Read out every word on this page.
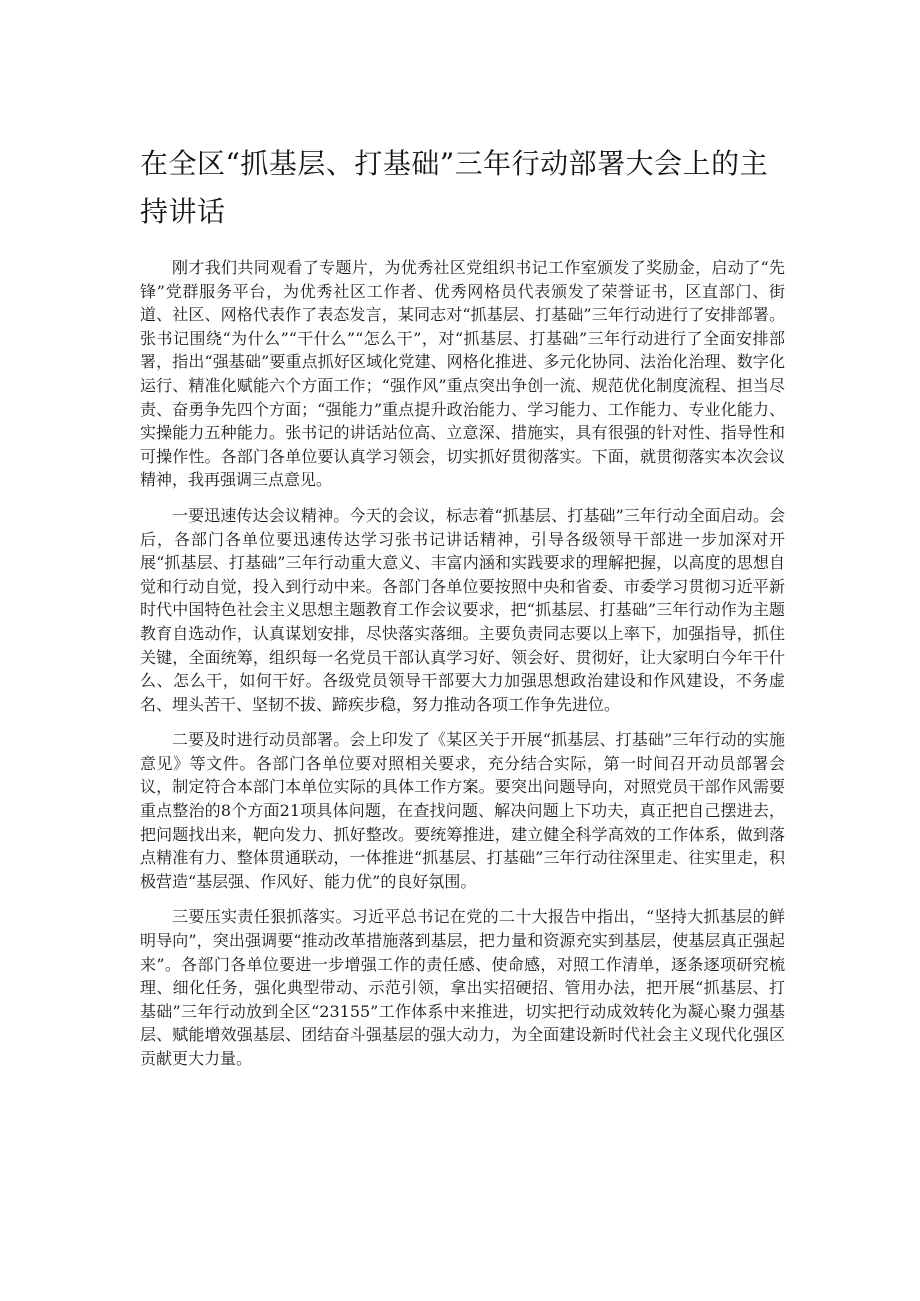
在全区“抓基层、打基础”三年行动部署大会上的主持讲话

刚才我们共同观看了专题片，为优秀社区党组织书记工作室颁发了奖励金，启动了“先锋”党群服务平台，为优秀社区工作者、优秀网格员代表颁发了荣誉证书，区直部门、街道、社区、网格代表作了表态发言，某同志对“抓基层、打基础”三年行动进行了安排部署。张书记围绕“为什么”“干什么”“怎么干”，对“抓基层、打基础”三年行动进行了全面安排部署，指出“强基础”要重点抓好区域化党建、网格化推进、多元化协同、法治化治理、数字化运行、精准化赋能六个方面工作；“强作风”重点突出争创一流、规范优化制度流程、担当尽责、奋勇争先四个方面；“强能力”重点提升政治能力、学习能力、工作能力、专业化能力、实操能力五种能力。张书记的讲话站位高、立意深、措施实，具有很强的针对性、指导性和可操作性。各部门各单位要认真学习领会，切实抓好贯彻落实。下面，就贯彻落实本次会议精神，我再强调三点意见。

一要迅速传达会议精神。今天的会议，标志着“抓基层、打基础”三年行动全面启动。会后，各部门各单位要迅速传达学习张书记讲话精神，引导各级领导干部进一步加深对开展“抓基层、打基础”三年行动重大意义、丰富内涵和实践要求的理解把握，以高度的思想自觉和行动自觉，投入到行动中来。各部门各单位要按照中央和省委、市委学习贯彻习近平新时代中国特色社会主义思想主题教育工作会议要求，把“抓基层、打基础”三年行动作为主题教育自选动作，认真谋划安排，尽快落实落细。主要负责同志要以上率下，加强指导，抓住关键，全面统筹，组织每一名党员干部认真学习好、领会好、贯彻好，让大家明白今年干什么、怎么干，如何干好。各级党员领导干部要大力加强思想政治建设和作风建设，不务虚名、埋头苦干、坚韧不拔、蹄疾步稳，努力推动各项工作争先进位。

二要及时进行动员部署。会上印发了《某区关于开展“抓基层、打基础”三年行动的实施意见》等文件。各部门各单位要对照相关要求，充分结合实际，第一时间召开动员部署会议，制定符合本部门本单位实际的具体工作方案。要突出问题导向，对照党员干部作风需要重点整治的8个方面21项具体问题，在查找问题、解决问题上下功夫，真正把自己摆进去，把问题找出来，靶向发力、抓好整改。要统筹推进，建立健全科学高效的工作体系，做到落点精准有力、整体贯通联动，一体推进“抓基层、打基础”三年行动往深里走、往实里走，积极营造“基层强、作风好、能力优”的良好氛围。

三要压实责任狠抓落实。习近平总书记在党的二十大报告中指出，“坚持大抓基层的鲜明导向”，突出强调要“推动改革措施落到基层，把力量和资源充实到基层，使基层真正强起来”。各部门各单位要进一步增强工作的责任感、使命感，对照工作清单，逐条逐项研究梳理、细化任务，强化典型带动、示范引领，拿出实招硬招、管用办法，把开展“抓基层、打基础”三年行动放到全区“23155”工作体系中来推进，切实把行动成效转化为凝心聚力强基层、赋能增效强基层、团结奋斗强基层的强大动力，为全面建设新时代社会主义现代化强区贡献更大力量。
